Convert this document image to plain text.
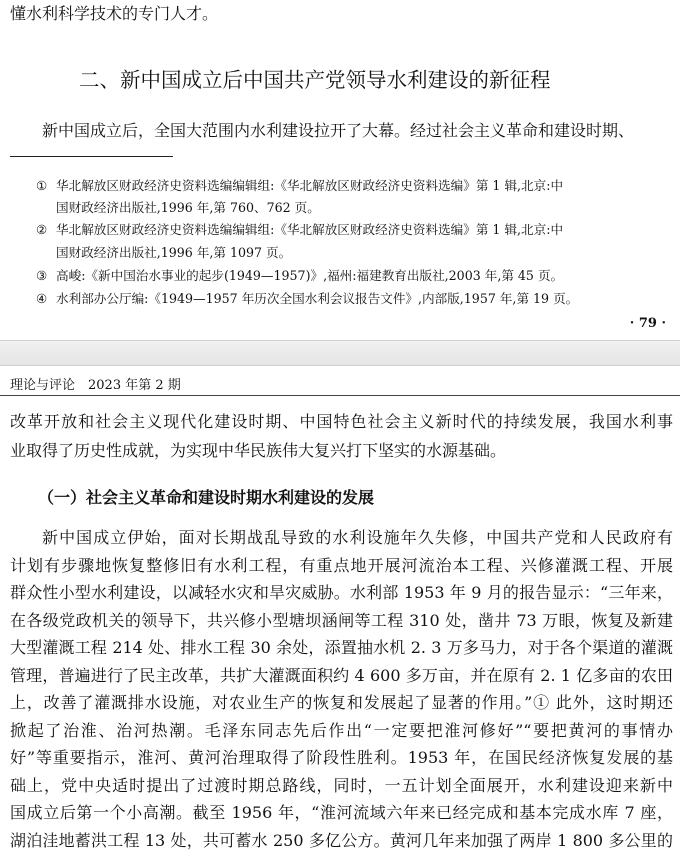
懂水利科学技术的专门人才。
二、新中国成立后中国共产党领导水利建设的新征程
新中国成立后，全国大范围内水利建设拉开了大幕。经过社会主义革命和建设时期、
① 华北解放区财政经济史资料选编编辑组:《华北解放区财政经济史资料选编》第 1 辑,北京:中
国财政经济出版社,1996 年,第 760、762 页。
② 华北解放区财政经济史资料选编编辑组:《华北解放区财政经济史资料选编》第 1 辑,北京:中
国财政经济出版社,1996 年,第 1097 页。
③ 高峻:《新中国治水事业的起步(1949—1957)》,福州:福建教育出版社,2003 年,第 45 页。
④ 水利部办公厅编:《1949—1957 年历次全国水利会议报告文件》,内部版,1957 年,第 19 页。
· 79 ·
理论与评论　2023 年第 2 期
改革开放和社会主义现代化建设时期、中国特色社会主义新时代的持续发展，我国水利事
业取得了历史性成就，为实现中华民族伟大复兴打下坚实的水源基础。
（一）社会主义革命和建设时期水利建设的发展
新中国成立伊始，面对长期战乱导致的水利设施年久失修，中国共产党和人民政府有
计划有步骤地恢复整修旧有水利工程，有重点地开展河流治本工程、兴修灌溉工程、开展
群众性小型水利建设，以减轻水灾和旱灾威胁。水利部 1953 年 9 月的报告显示：“三年来，
在各级党政机关的领导下，共兴修小型塘坝涵闸等工程 310 处，凿井 73 万眼，恢复及新建
大型灌溉工程 214 处、排水工程 30 余处，添置抽水机 2. 3 万多马力，对于各个渠道的灌溉
管理，普遍进行了民主改革，共扩大灌溉面积约 4 600 多万亩，并在原有 2. 1 亿多亩的农田
上，改善了灌溉排水设施，对农业生产的恢复和发展起了显著的作用。”① 此外，这时期还
掀起了治淮、治河热潮。毛泽东同志先后作出“一定要把淮河修好”“要把黄河的事情办
好”等重要指示，淮河、黄河治理取得了阶段性胜利。1953 年，在国民经济恢复发展的基
础上，党中央适时提出了过渡时期总路线，同时，一五计划全面展开，水利建设迎来新中
国成立后第一个小高潮。截至 1956 年，“淮河流域六年来已经完成和基本完成水库 7 座，
湖泊洼地蓄洪工程 13 处，共可蓄水 250 多亿公方。黄河几年来加强了两岸 1 800 多公里的
